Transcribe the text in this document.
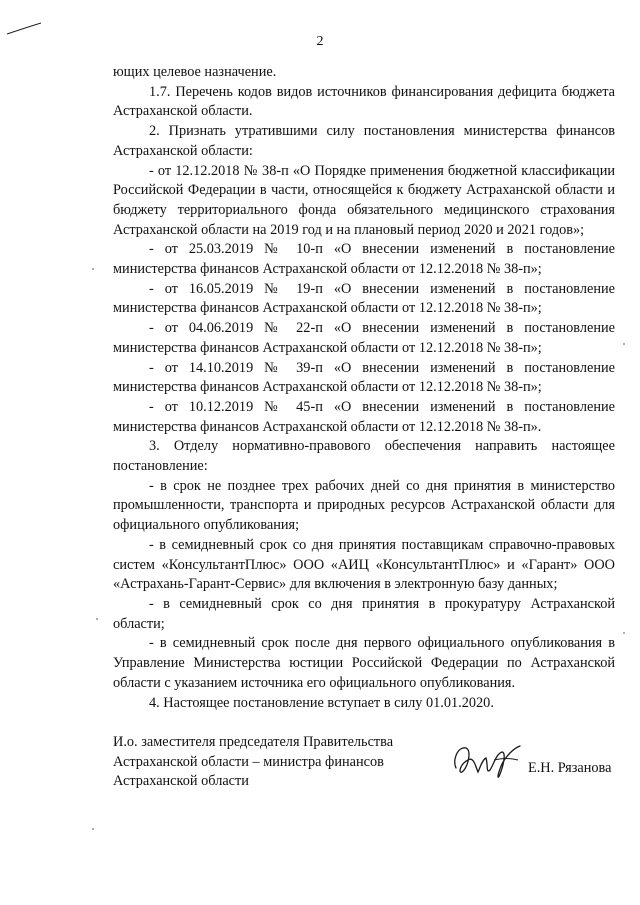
2

ющих целевое назначение.

1.7. Перечень кодов видов источников финансирования дефицита бюджета Астраханской области.

2. Признать утратившими силу постановления министерства финансов Астраханской области:

- от 12.12.2018 № 38-п «О Порядке применения бюджетной классификации Российской Федерации в части, относящейся к бюджету Астраханской области и бюджету территориального фонда обязательного медицинского страхования Астраханской области на 2019 год и на плановый период 2020 и 2021 годов»;

- от 25.03.2019 № 10-п «О внесении изменений в постановление министерства финансов Астраханской области от 12.12.2018 № 38-п»;

- от 16.05.2019 № 19-п «О внесении изменений в постановление министерства финансов Астраханской области от 12.12.2018 № 38-п»;

- от 04.06.2019 № 22-п «О внесении изменений в постановление министерства финансов Астраханской области от 12.12.2018 № 38-п»;

- от 14.10.2019 № 39-п «О внесении изменений в постановление министерства финансов Астраханской области от 12.12.2018 № 38-п»;

- от 10.12.2019 № 45-п «О внесении изменений в постановление министерства финансов Астраханской области от 12.12.2018 № 38-п».

3. Отделу нормативно-правового обеспечения направить настоящее постановление:

- в срок не позднее трех рабочих дней со дня принятия в министерство промышленности, транспорта и природных ресурсов Астраханской области для официального опубликования;

- в семидневный срок со дня принятия поставщикам справочно-правовых систем «КонсультантПлюс» ООО «АИЦ «КонсультантПлюс» и «Гарант» ООО «Астрахань-Гарант-Сервис» для включения в электронную базу данных;

- в семидневный срок со дня принятия в прокуратуру Астраханской области;

- в семидневный срок после дня первого официального опубликования в Управление Министерства юстиции Российской Федерации по Астраханской области с указанием источника его официального опубликования.

4. Настоящее постановление вступает в силу 01.01.2020.

И.о. заместителя председателя Правительства
Астраханской области – министра финансов
Астраханской области
Е.Н. Рязанова
